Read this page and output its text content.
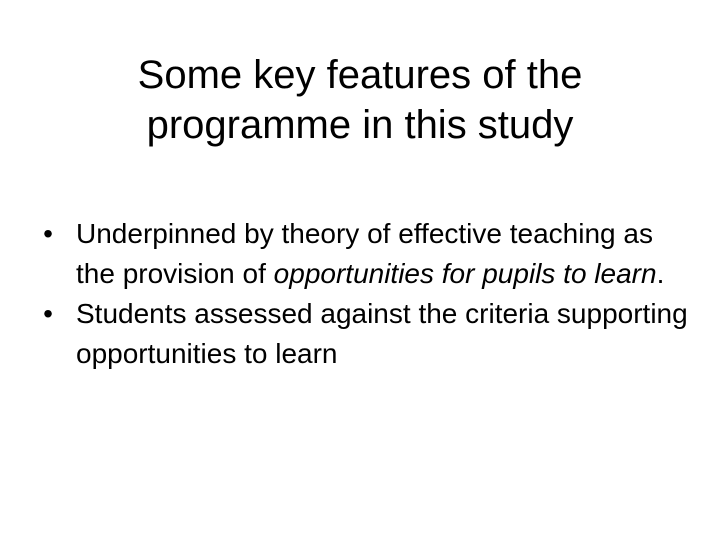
Some key features of the
programme in this study
• Underpinned by theory of effective teaching as the provision of opportunities for pupils to learn.
• Students assessed against the criteria supporting opportunities to learn
